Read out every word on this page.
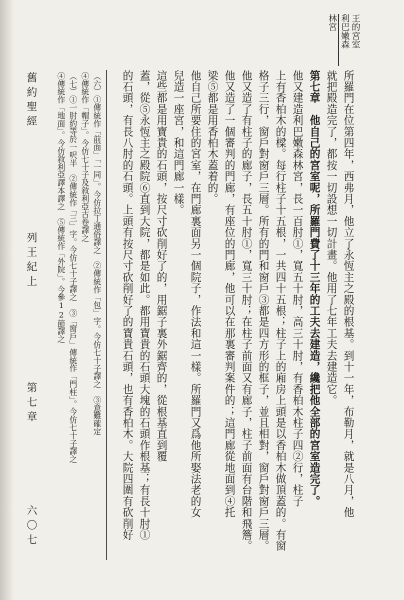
王的宮室
利巴嫩森
林宮
所羅門在位第四年，西弗月，他立了永恆主之殿的根基。到十一年，布勒月，就是八月，他
就把殿造完了，都按一切設想一切計畫。他用了七年工夫去建造它。
第七章　他自己的宮室呢，所羅門費了十三年的工夫去建造，纔把他全部的宮室造完了。
他又建造利巴嫩森林宮，長一百肘①，寬五十肘，高三十肘，有香柏木柱子四②行，柱子
上有香柏木的樑。每行柱子十五根，一共四十五根；柱子上的廂房上頭是以香柏木做頂蓋的。有窗
格子三行，窗戶對窗戶三層。所有的門和窗戶③都是四方形的框子，並且相對，窗戶對窗戶三層。
他又造了有柱子的廊子，長五十肘①，寬三十肘；在柱子前面又有廊子，柱子前面有台階和飛簷。
他又造了一個審判的門廊，有座位的門廊，他可以在那裏審判案件的；這門廊從地面到④托
梁⑤都是用香柏木蓋着的。
他自己所要住的宮室，在門廊裏面另一個院子，作法和這一樣。所羅門又爲他所娶法老的女
兒造一座宮，和這門廊一樣。
這些都是用寶貴的石頭，按尺寸砍削好了的，用鋸子裏外鋸齊的，從根基直到覆
蓋，從⑤永恆主之殿院⑥直到大院，都是如此。都用寶貴的石頭大塊的石頭作根基；有長十肘①
的石頭，有長八肘的石頭。上頭有按尺寸砍削好了的寶貴石頭，也有香柏木。大院四圍有砍削好
（六）①傳統作「前面」「一同」。今仿拉丁通俗譯之　②傳統作「包」字。今仿七十子譯之　③意難確定
④傳統作「帽子」。今仿七十子及敘利亞古卷譯之
（七）①一肘約等於一呎半　②傳統作「三」字。今仿七十子譯之　③「窗戶」傳統作「門柱」。今仿七十子譯之
④傳統作「地面」。今仿敘利亞譯本譯之　⑤傳統作「外院」。今參12節譯之
舊約聖經
列王紀上
第七章
六〇七
